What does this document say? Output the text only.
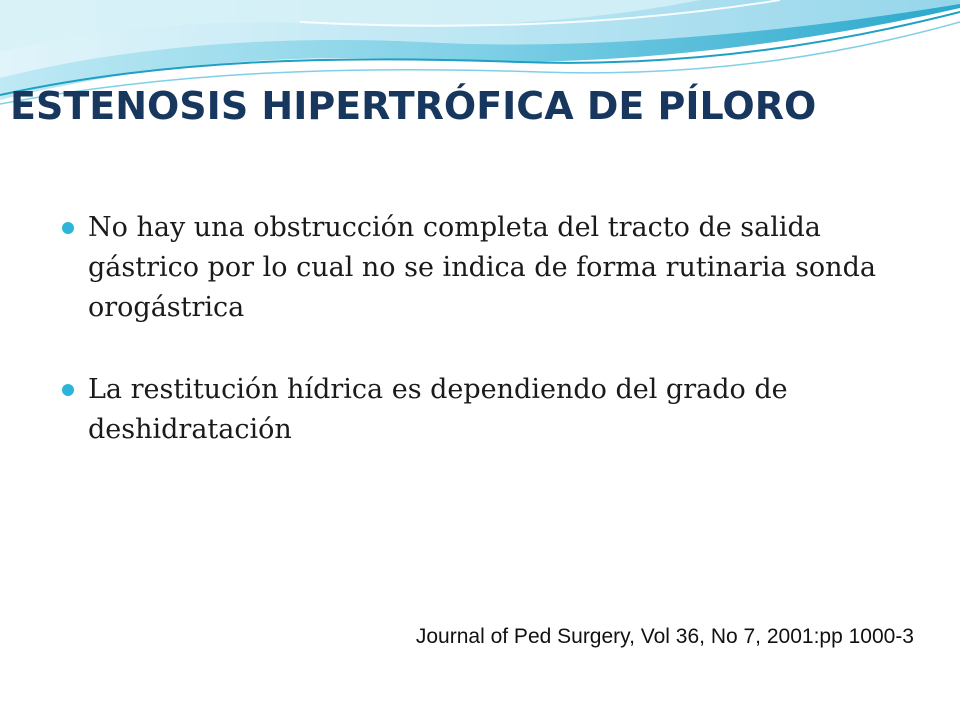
ESTENOSIS HIPERTRÓFICA DE PÍLORO
No hay una obstrucción completa del tracto de salida gástrico por lo cual no se indica de forma rutinaria sonda orogástrica
La restitución hídrica es dependiendo del grado de deshidratación
Journal of Ped Surgery, Vol 36, No 7, 2001:pp 1000-3
